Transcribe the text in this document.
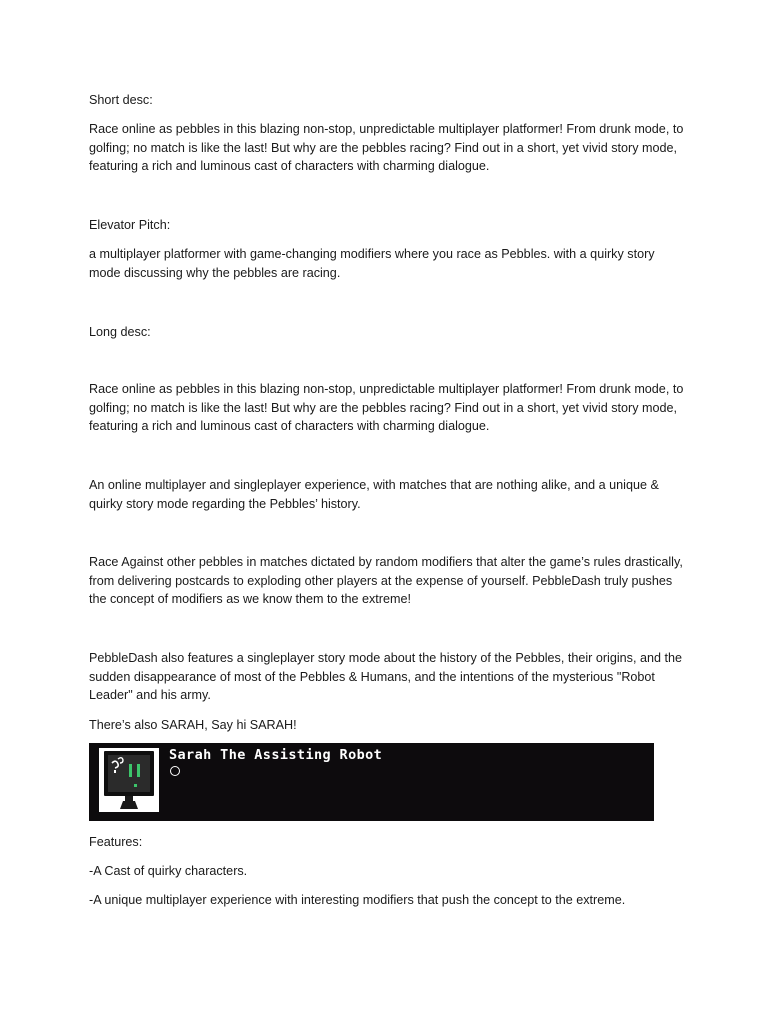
Short desc:

Race online as pebbles in this blazing non-stop, unpredictable multiplayer platformer! From drunk mode, to golfing; no match is like the last! But why are the pebbles racing? Find out in a short, yet vivid story mode, featuring a rich and luminous cast of characters with charming dialogue.

Elevator Pitch:

a multiplayer platformer with game-changing modifiers where you race as Pebbles. with a quirky story mode discussing why the pebbles are racing.

Long desc:

Race online as pebbles in this blazing non-stop, unpredictable multiplayer platformer! From drunk mode, to golfing; no match is like the last! But why are the pebbles racing? Find out in a short, yet vivid story mode, featuring a rich and luminous cast of characters with charming dialogue.

An online multiplayer and singleplayer experience, with matches that are nothing alike, and a unique & quirky story mode regarding the Pebbles’ history.

Race Against other pebbles in matches dictated by random modifiers that alter the game’s rules drastically, from delivering postcards to exploding other players at the expense of yourself. PebbleDash truly pushes the concept of modifiers as we know them to the extreme!

PebbleDash also features a singleplayer story mode about the history of the Pebbles, their origins, and the sudden disappearance of most of the Pebbles & Humans, and the intentions of the mysterious "Robot Leader" and his army.

There’s also SARAH, Say hi SARAH!

Sarah The Assisting Robot

Features:

-A Cast of quirky characters.

-A unique multiplayer experience with interesting modifiers that push the concept to the extreme.
